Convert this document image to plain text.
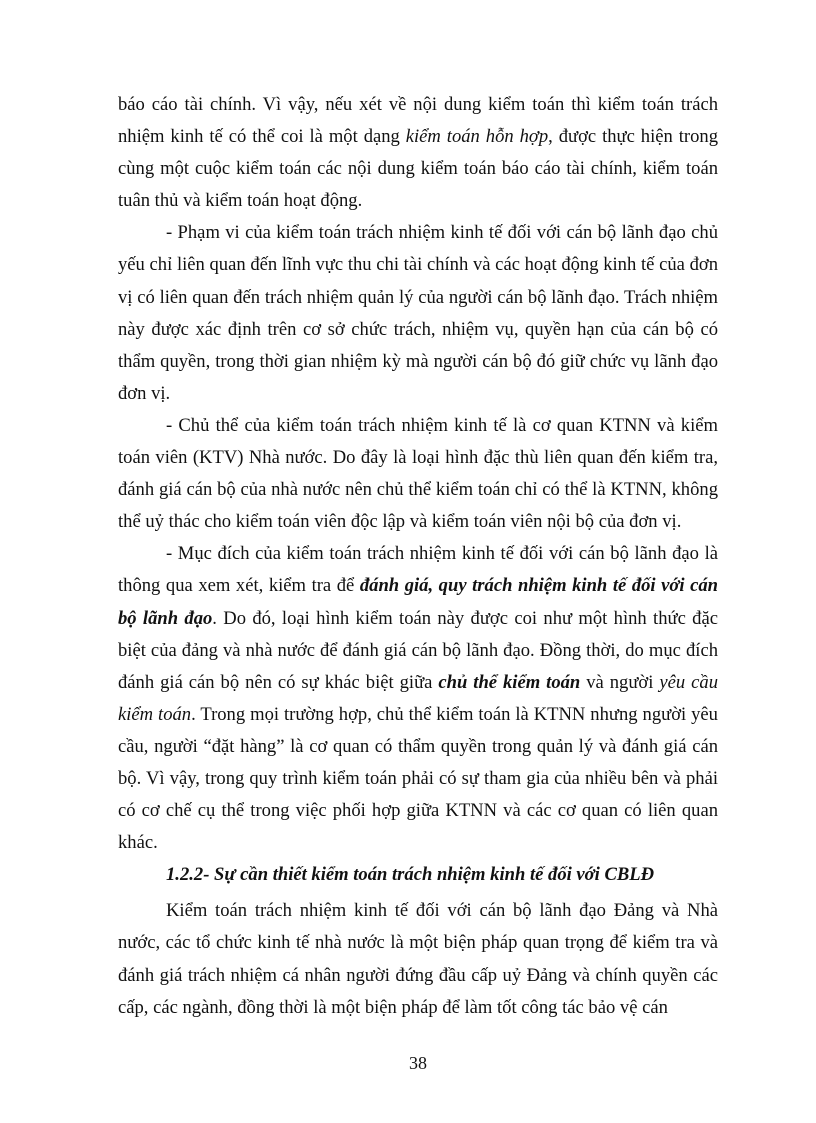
báo cáo tài chính. Vì vậy, nếu xét về nội dung kiểm toán thì kiểm toán trách nhiệm kinh tế có thể coi là một dạng kiểm toán hỗn hợp, được thực hiện trong cùng một cuộc kiểm toán các nội dung kiểm toán báo cáo tài chính, kiểm toán tuân thủ và kiểm toán hoạt động.

- Phạm vi của kiểm toán trách nhiệm kinh tế đối với cán bộ lãnh đạo chủ yếu chỉ liên quan đến lĩnh vực thu chi tài chính và các hoạt động kinh tế của đơn vị có liên quan đến trách nhiệm quản lý của người cán bộ lãnh đạo. Trách nhiệm này được xác định trên cơ sở chức trách, nhiệm vụ, quyền hạn của cán bộ có thẩm quyền, trong thời gian nhiệm kỳ mà người cán bộ đó giữ chức vụ lãnh đạo đơn vị.

- Chủ thể của kiểm toán trách nhiệm kinh tế là cơ quan KTNN và kiểm toán viên (KTV) Nhà nước. Do đây là loại hình đặc thù liên quan đến kiểm tra, đánh giá cán bộ của nhà nước nên chủ thể kiểm toán chỉ có thể là KTNN, không thể uỷ thác cho kiểm toán viên độc lập và kiểm toán viên nội bộ của đơn vị.

- Mục đích của kiểm toán trách nhiệm kinh tế đối với cán bộ lãnh đạo là thông qua xem xét, kiểm tra để đánh giá, quy trách nhiệm kinh tế đối với cán bộ lãnh đạo. Do đó, loại hình kiểm toán này được coi như một hình thức đặc biệt của đảng và nhà nước để đánh giá cán bộ lãnh đạo. Đồng thời, do mục đích đánh giá cán bộ nên có sự khác biệt giữa chủ thể kiểm toán và người yêu cầu kiểm toán. Trong mọi trường hợp, chủ thể kiểm toán là KTNN nhưng người yêu cầu, người “đặt hàng” là cơ quan có thẩm quyền trong quản lý và đánh giá cán bộ. Vì vậy, trong quy trình kiểm toán phải có sự tham gia của nhiều bên và phải có cơ chế cụ thể trong việc phối hợp giữa KTNN và các cơ quan có liên quan khác.

1.2.2- Sự cần thiết kiểm toán trách nhiệm kinh tế đối với CBLĐ

Kiểm toán trách nhiệm kinh tế đối với cán bộ lãnh đạo Đảng và Nhà nước, các tổ chức kinh tế nhà nước là một biện pháp quan trọng để kiểm tra và đánh giá trách nhiệm cá nhân người đứng đầu cấp uỷ Đảng và chính quyền các cấp, các ngành, đồng thời là một biện pháp để làm tốt công tác bảo vệ cán

38
